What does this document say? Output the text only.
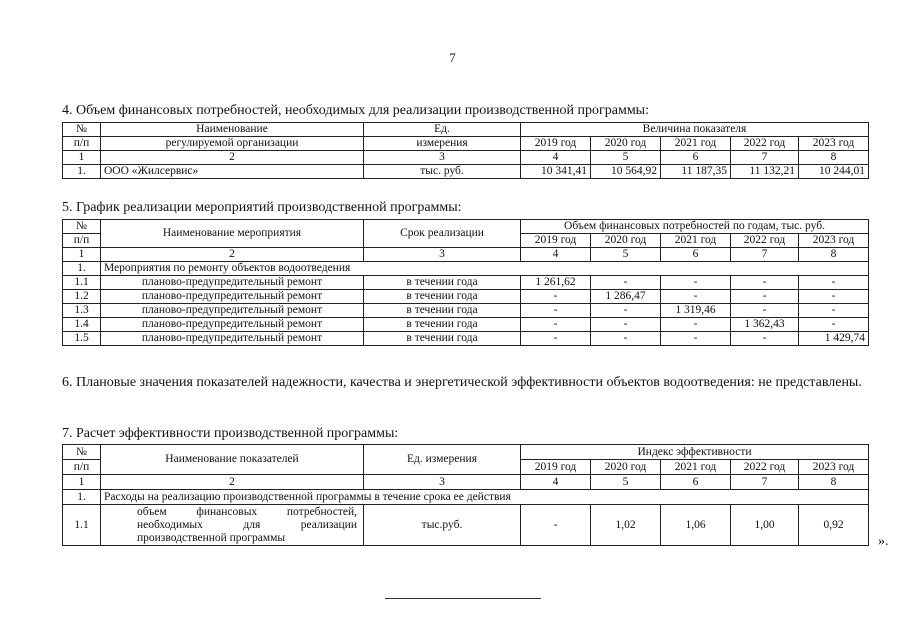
7
4. Объем финансовых потребностей, необходимых для реализации производственной программы:
№	Наименование	Ед.	Величина показателя				
п/п	регулируемой организации	измерения	2019 год	2020 год	2021 год	2022 год	2023 год
1	2	3	4	5	6	7	8
1.	ООО «Жилсервис»	тыс. руб.	10 341,41	10 564,92	11 187,35	11 132,21	10 244,01
5. График реализации мероприятий производственной программы:
№	Наименование мероприятия	Срок реализации	Объем финансовых потребностей по годам, тыс. руб.				
п/п			2019 год	2020 год	2021 год	2022 год	2023 год
1	2	3	4	5	6	7	8
1.	Мероприятия по ремонту объектов водоотведения						
1.1	планово-предупредительный ремонт	в течении года	1 261,62	-	-	-	-
1.2	планово-предупредительный ремонт	в течении года	-	1 286,47	-	-	-
1.3	планово-предупредительный ремонт	в течении года	-	-	1 319,46	-	-
1.4	планово-предупредительный ремонт	в течении года	-	-	-	1 362,43	-
1.5	планово-предупредительный ремонт	в течении года	-	-	-	-	1 429,74
6. Плановые значения показателей надежности, качества и энергетической эффективности объектов водоотведения: не представлены.
7. Расчет эффективности производственной программы:
№	Наименование показателей	Ед. измерения	Индекс эффективности				
п/п			2019 год	2020 год	2021 год	2022 год	2023 год
1	2	3	4	5	6	7	8
1.	Расходы на реализацию производственной программы в течение срока ее действия						
1.1	объем финансовых потребностей, необходимых для реализации производственной программы	тыс.руб.	-	1,02	1,06	1,00	0,92
».
